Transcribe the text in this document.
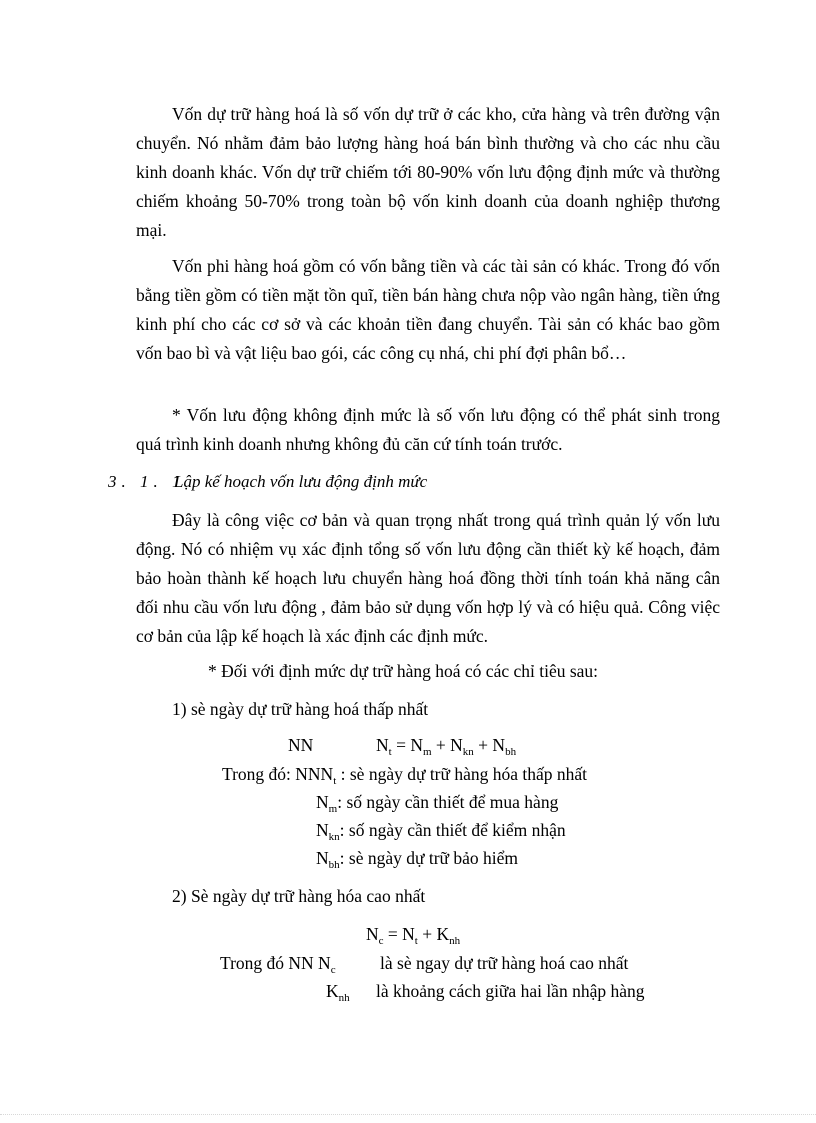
Vốn dự trữ hàng hoá là số vốn dự trữ ở các kho, cửa hàng và trên đường vận chuyển. Nó nhằm đảm bảo lượng hàng hoá bán bình thường và cho các nhu cầu kinh doanh khác. Vốn dự trữ chiếm tới 80-90% vốn lưu động định mức và thường chiếm khoảng 50-70% trong toàn bộ vốn kinh doanh của doanh nghiệp thương mại.

Vốn phi hàng hoá gồm có vốn bằng tiền và các tài sản có khác. Trong đó vốn bằng tiền gồm có tiền mặt tồn quĩ, tiền bán hàng chưa nộp vào ngân hàng, tiền ứng kinh phí cho các cơ sở và các khoản tiền đang chuyển. Tài sản có khác bao gồm vốn bao bì và vật liệu bao gói, các công cụ nhá, chi phí đợi phân bổ…

* Vốn lưu động không định mức là số vốn lưu động có thể phát sinh trong quá trình kinh doanh nhưng không đủ căn cứ tính toán trước.

3. 1. 1Lập kế hoạch vốn lưu động định mức

Đây là công việc cơ bản và quan trọng nhất trong quá trình quản lý vốn lưu động. Nó có nhiệm vụ xác định tổng số vốn lưu động cần thiết kỳ kế hoạch, đảm bảo hoàn thành kế hoạch lưu chuyển hàng hoá đồng thời tính toán khả năng cân đối nhu cầu vốn lưu động , đảm bảo sử dụng vốn hợp lý và có hiệu quả. Công việc cơ bản của lập kế hoạch là xác định các định mức.

* Đối với định mức dự trữ hàng hoá có các chỉ tiêu sau:

1) sè ngày dự trữ hàng hoá thấp nhất

NN	$N_t = N_m + N_{kn} + N_{bh}$

Trong đó: $NNN_t$ : sè ngày dự trữ hàng hóa thấp nhất

$N_m$: số ngày cần thiết để mua hàng

$N_{kn}$: số ngày cần thiết để kiểm nhận

$N_{bh}$: sè ngày dự trữ bảo hiểm

2) Sè ngày dự trữ hàng hóa cao nhất

$N_c = N_t + K_{nh}$

Trong đó NN $N_c$	là sè ngay dự trữ hàng hoá cao nhất

$K_{nh}$ là khoảng cách giữa hai lần nhập hàng
